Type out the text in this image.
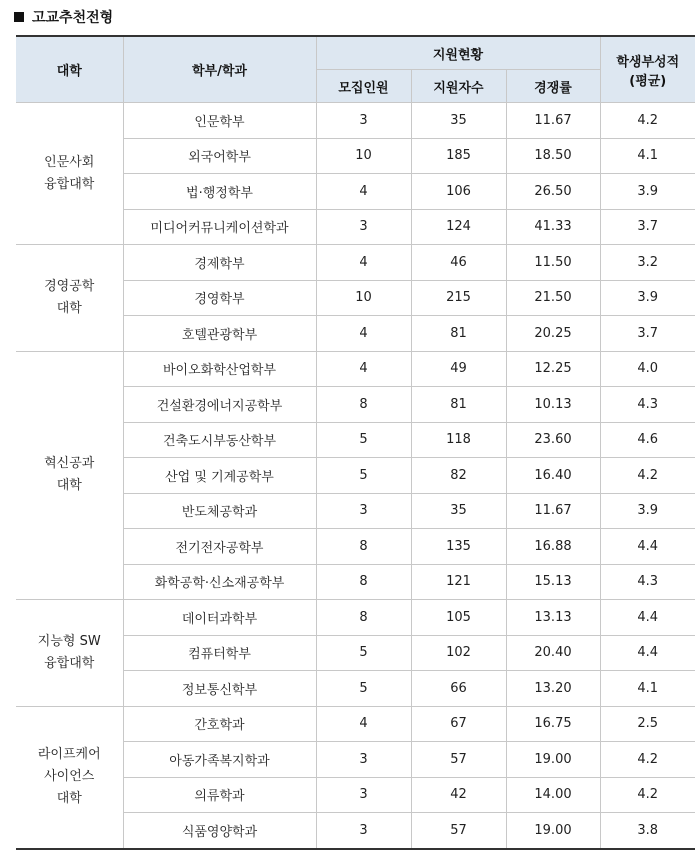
고교추천전형
대학	학부/학과	지원현황			학생부성적
(평균)

		모집인원	지원자수	경쟁률	

인문사회
융합대학	인문학부	3	35	11.67	4.2
	외국어학부	10	185	18.50	4.1
	법·행정학부	4	106	26.50	3.9
	미디어커뮤니케이션학과	3	124	41.33	3.7

경영공학
대학	경제학부	4	46	11.50	3.2
	경영학부	10	215	21.50	3.9
	호텔관광학부	4	81	20.25	3.7

혁신공과
대학	바이오화학산업학부	4	49	12.25	4.0
	건설환경에너지공학부	8	81	10.13	4.3
	건축도시부동산학부	5	118	23.60	4.6
	산업 및 기계공학부	5	82	16.40	4.2
	반도체공학과	3	35	11.67	3.9
	전기전자공학부	8	135	16.88	4.4
	화학공학·신소재공학부	8	121	15.13	4.3

지능형 SW
융합대학	데이터과학부	8	105	13.13	4.4
	컴퓨터학부	5	102	20.40	4.4
	정보통신학부	5	66	13.20	4.1

라이프케어
사이언스
대학	간호학과	4	67	16.75	2.5
	아동가족복지학과	3	57	19.00	4.2
	의류학과	3	42	14.00	4.2
	식품영양학과	3	57	19.00	3.8
